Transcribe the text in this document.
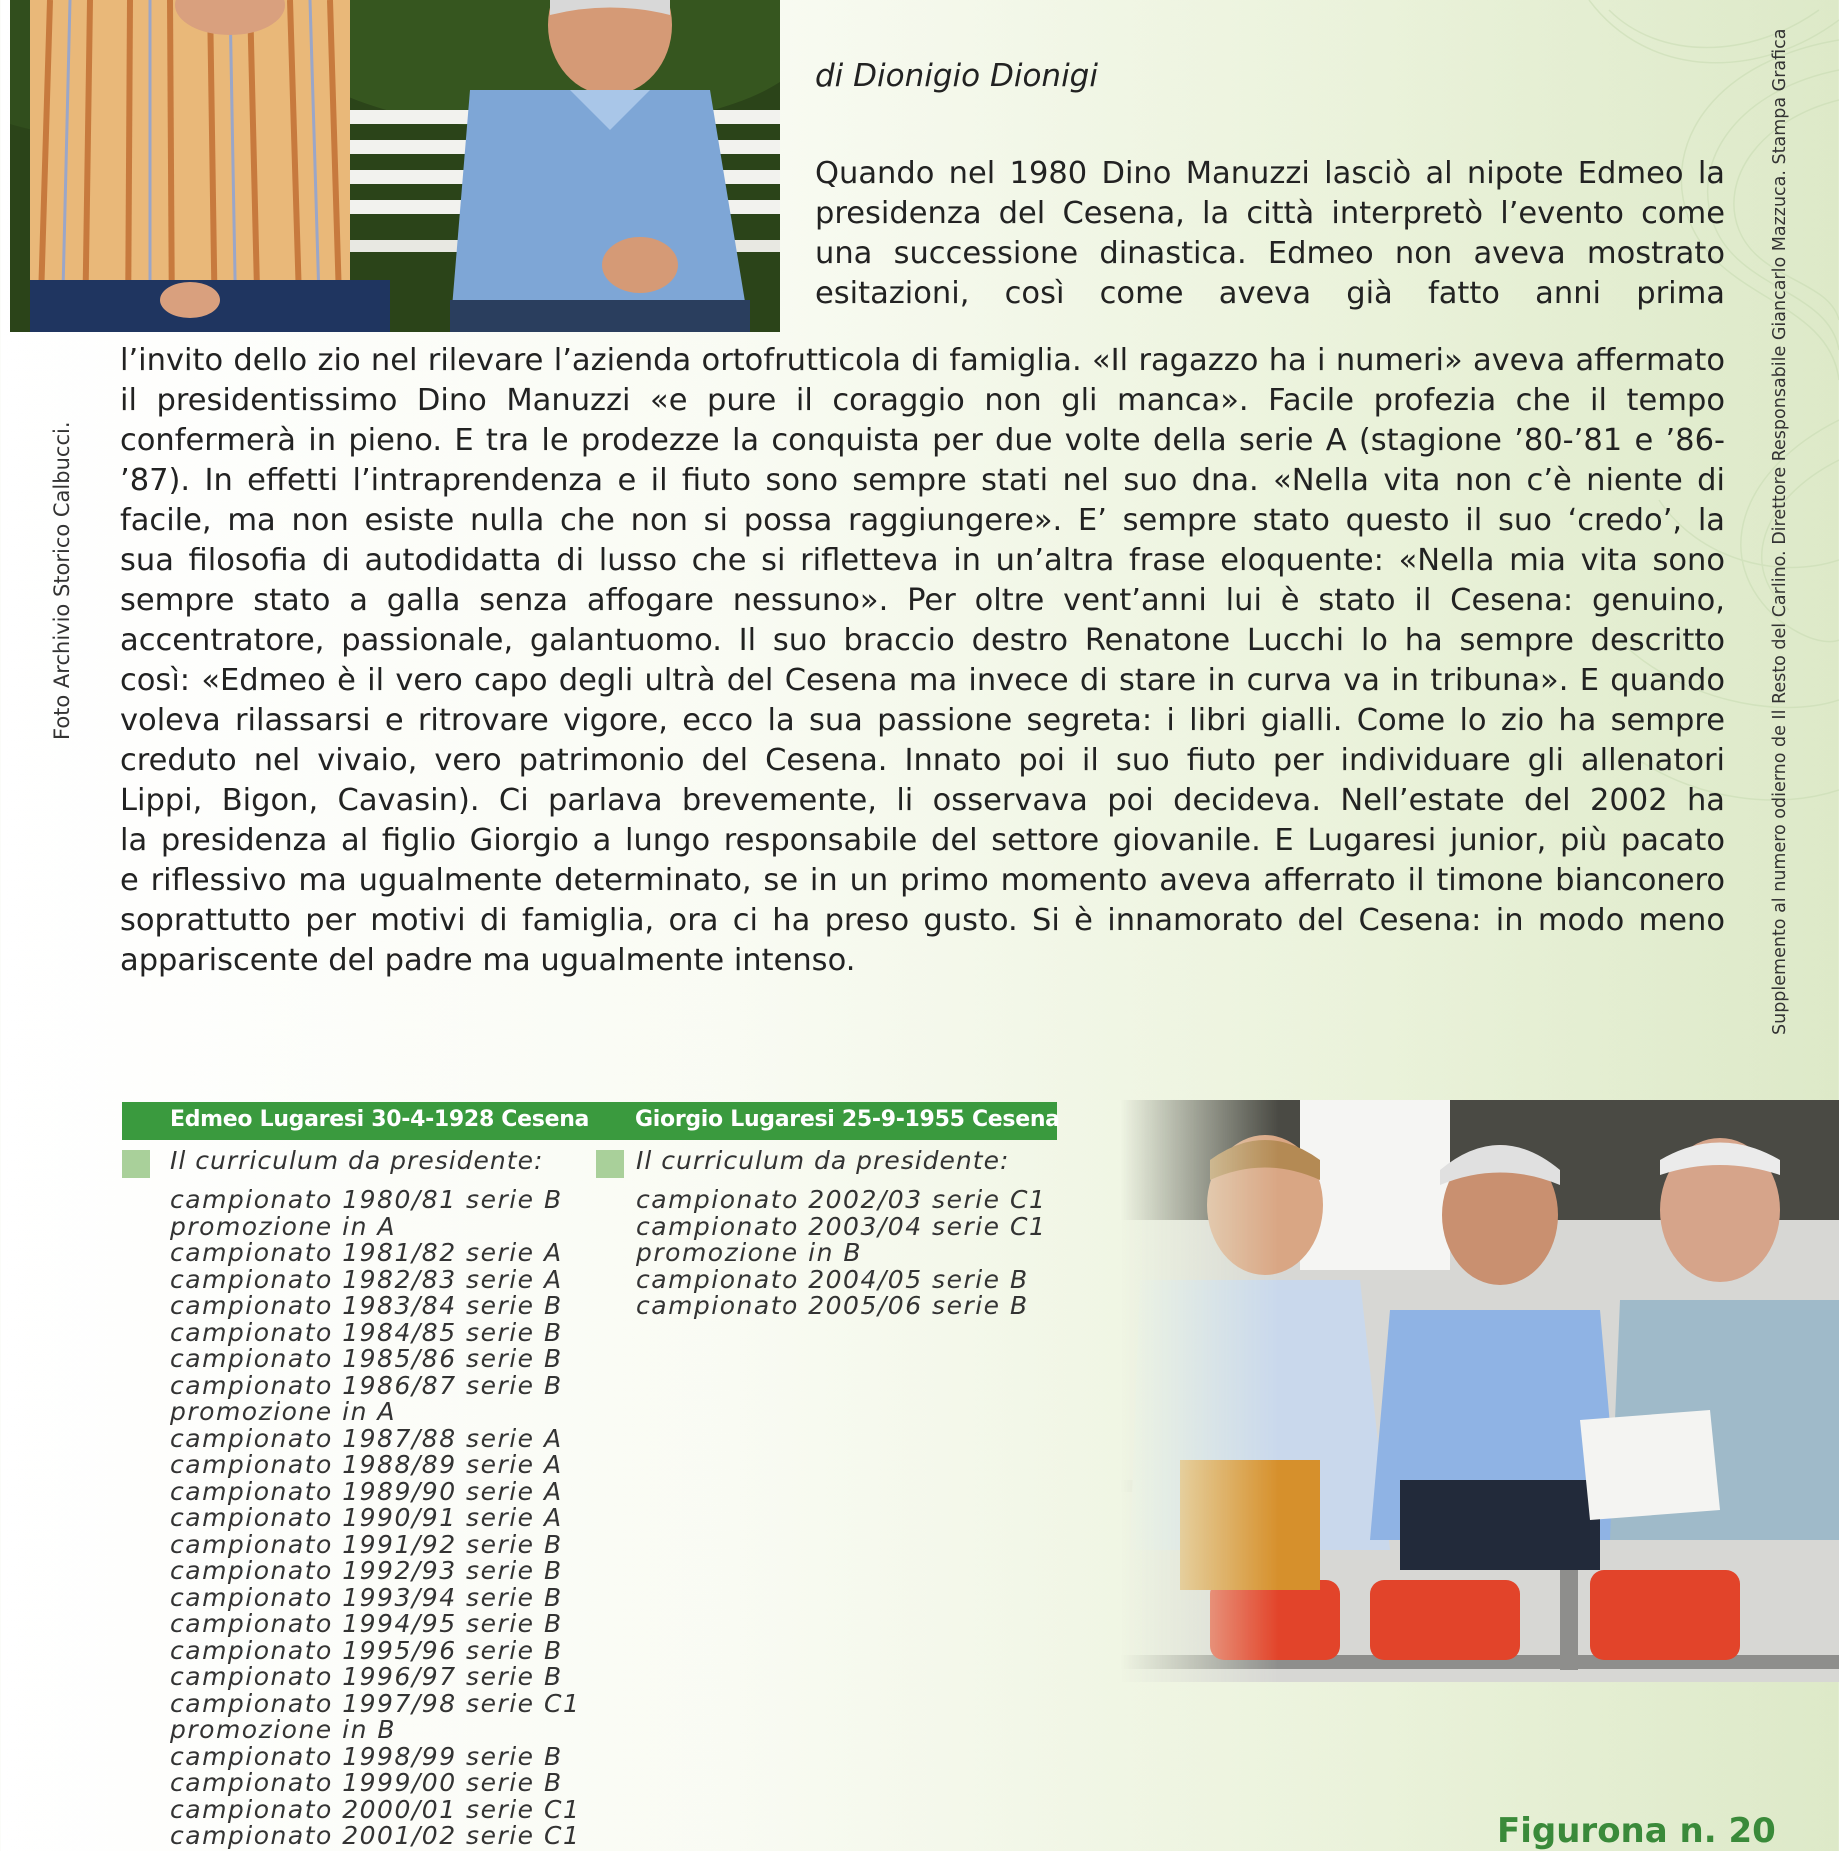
di Dionigio Dionigi
Quando nel 1980 Dino Manuzzi lasciò al nipote Edmeo la
presidenza del Cesena, la città interpretò l’evento come
una successione dinastica. Edmeo non aveva mostrato
esitazioni, così come aveva già fatto anni prima
l’invito dello zio nel rilevare l’azienda ortofrutticola di famiglia. «Il ragazzo ha i numeri» aveva affermato
il presidentissimo Dino Manuzzi «e pure il coraggio non gli manca». Facile profezia che il tempo
confermerà in pieno. E tra le prodezze la conquista per due volte della serie A (stagione ’80-’81 e ’86-
’87). In effetti l’intraprendenza e il fiuto sono sempre stati nel suo dna. «Nella vita non c’è niente di
facile, ma non esiste nulla che non si possa raggiungere». E’ sempre stato questo il suo ‘credo’, la
sua filosofia di autodidatta di lusso che si rifletteva in un’altra frase eloquente: «Nella mia vita sono
sempre stato a galla senza affogare nessuno». Per oltre vent’anni lui è stato il Cesena: genuino,
accentratore, passionale, galantuomo. Il suo braccio destro Renatone Lucchi lo ha sempre descritto
così: «Edmeo è il vero capo degli ultrà del Cesena ma invece di stare in curva va in tribuna». E quando
voleva rilassarsi e ritrovare vigore, ecco la sua passione segreta: i libri gialli. Come lo zio ha sempre
creduto nel vivaio, vero patrimonio del Cesena. Innato poi il suo fiuto per individuare gli allenatori
Lippi, Bigon, Cavasin). Ci parlava brevemente, li osservava poi decideva. Nell’estate del 2002 ha
la presidenza al figlio Giorgio a lungo responsabile del settore giovanile. E Lugaresi junior, più pacato
e riflessivo ma ugualmente determinato, se in un primo momento aveva afferrato il timone bianconero
soprattutto per motivi di famiglia, ora ci ha preso gusto. Si è innamorato del Cesena: in modo meno
appariscente del padre ma ugualmente intenso.
Foto Archivio Storico Calbucci.	Supplemento al numero odierno de Il Resto del Carlino. Direttore Responsabile Giancarlo Mazzuca. Stampa Grafica
Edmeo Lugaresi 30-4-1928 Cesena Giorgio Lugaresi 25-9-1955 Cesena
Il curriculum da presidente:	Il curriculum da presidente:
campionato 1980/81 serie B
promozione in A
campionato 1981/82 serie A
campionato 1982/83 serie A
campionato 1983/84 serie B
campionato 1984/85 serie B
campionato 1985/86 serie B
campionato 1986/87 serie B
promozione in A
campionato 1987/88 serie A
campionato 1988/89 serie A
campionato 1989/90 serie A
campionato 1990/91 serie A
campionato 1991/92 serie B
campionato 1992/93 serie B
campionato 1993/94 serie B
campionato 1994/95 serie B
campionato 1995/96 serie B
campionato 1996/97 serie B
campionato 1997/98 serie C1
promozione in B
campionato 1998/99 serie B
campionato 1999/00 serie B
campionato 2000/01 serie C1
campionato 2001/02 serie C1
campionato 2002/03 serie C1
campionato 2003/04 serie C1
promozione in B
campionato 2004/05 serie B
campionato 2005/06 serie B
Figurona n. 20
